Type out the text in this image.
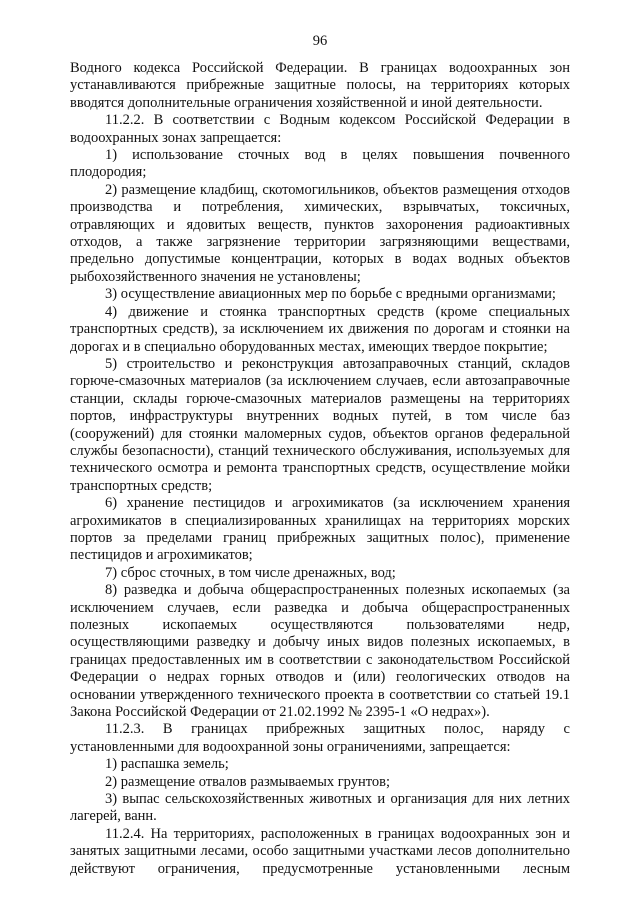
96

Водного кодекса Российской Федерации. В границах водоохранных зон устанавливаются прибрежные защитные полосы, на территориях которых вводятся дополнительные ограничения хозяйственной и иной деятельности.

11.2.2. В соответствии с Водным кодексом Российской Федерации в водоохранных зонах запрещается:

1) использование сточных вод в целях повышения почвенного плодородия;

2) размещение кладбищ, скотомогильников, объектов размещения отходов производства и потребления, химических, взрывчатых, токсичных, отравляющих и ядовитых веществ, пунктов захоронения радиоактивных отходов, а также загрязнение территории загрязняющими веществами, предельно допустимые концентрации, которых в водах водных объектов рыбохозяйственного значения не установлены;

3) осуществление авиационных мер по борьбе с вредными организмами;

4) движение и стоянка транспортных средств (кроме специальных транспортных средств), за исключением их движения по дорогам и стоянки на дорогах и в специально оборудованных местах, имеющих твердое покрытие;

5) строительство и реконструкция автозаправочных станций, складов горюче-смазочных материалов (за исключением случаев, если автозаправочные станции, склады горюче-смазочных материалов размещены на территориях портов, инфраструктуры внутренних водных путей, в том числе баз (сооружений) для стоянки маломерных судов, объектов органов федеральной службы безопасности), станций технического обслуживания, используемых для технического осмотра и ремонта транспортных средств, осуществление мойки транспортных средств;

6) хранение пестицидов и агрохимикатов (за исключением хранения агрохимикатов в специализированных хранилищах на территориях морских портов за пределами границ прибрежных защитных полос), применение пестицидов и агрохимикатов;

7) сброс сточных, в том числе дренажных, вод;

8) разведка и добыча общераспространенных полезных ископаемых (за исключением случаев, если разведка и добыча общераспространенных полезных ископаемых осуществляются пользователями недр, осуществляющими разведку и добычу иных видов полезных ископаемых, в границах предоставленных им в соответствии с законодательством Российской Федерации о недрах горных отводов и (или) геологических отводов на основании утвержденного технического проекта в соответствии со статьей 19.1 Закона Российской Федерации от 21.02.1992 № 2395-1 «О недрах»).

11.2.3. В границах прибрежных защитных полос, наряду с установленными для водоохранной зоны ограничениями, запрещается:

1) распашка земель;

2) размещение отвалов размываемых грунтов;

3) выпас сельскохозяйственных животных и организация для них летних лагерей, ванн.

11.2.4. На территориях, расположенных в границах водоохранных зон и занятых защитными лесами, особо защитными участками лесов дополнительно действуют ограничения, предусмотренные установленными лесным
